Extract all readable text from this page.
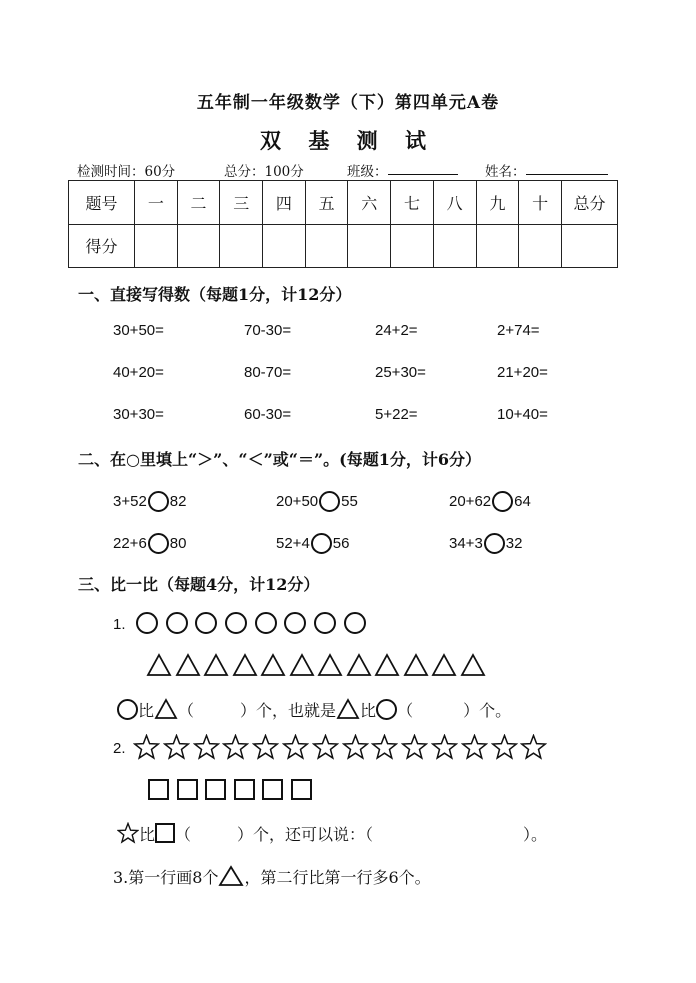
五年制一年级数学（下）第四单元A卷
双 基 测 试
检测时间：60分	总分：100分	班级：	姓名：
题号	一	二	三	四	五	六	七	八	九	十	总分
得分											
一、直接写得数（每题1分，计12分）
30+50=	70-30=	24+2=	2+74=
40+20=	80-70=	25+30=	21+20=
30+30=	60-30=	5+22=	10+40=
二、在○里填上“＞”、“＜”或“＝”。(每题1分，计6分）
3+52 82	20+50 55	20+62 64
22+6 80	52+4 56	34+3 32
三、比一比（每题4分，计12分）
1.
比 （	）个，也就是 比 （	）个。
2.
比 （	）个，还可以说：（	）。
3.第一行画8个 ，第二行比第一行多6个。
